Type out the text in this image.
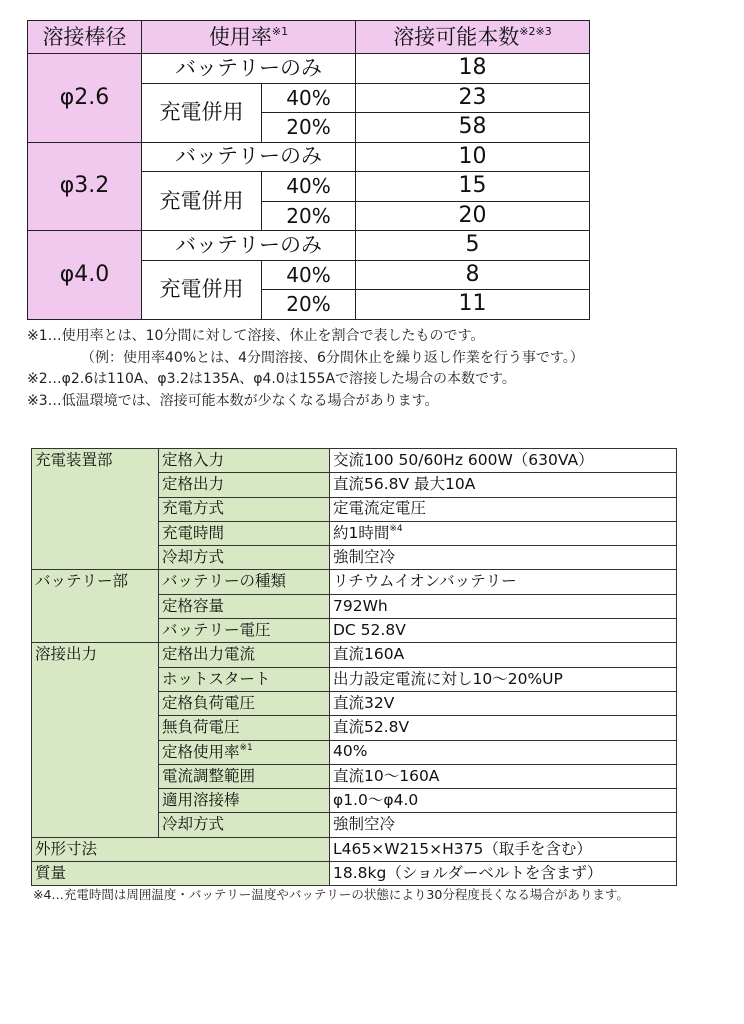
溶接棒径	使用率$^{※1}$		溶接可能本数$^{※2※3}$
φ2.6	バッテリーのみ		18
	充電併用	40%	23
		20%	58
φ3.2	バッテリーのみ		10
	充電併用	40%	15
		20%	20
φ4.0	バッテリーのみ		5
	充電併用	40%	8
		20%	11
※1…使用率とは、10分間に対して溶接、休止を割合で表したものです。
（例：使用率40%とは、4分間溶接、6分間休止を繰り返し作業を行う事です。）
※2…φ2.6は110A、φ3.2は135A、φ4.0は155Aで溶接した場合の本数です。
※3…低温環境では、溶接可能本数が少なくなる場合があります。
充電装置部	定格入力	交流100 50/60Hz 600W（630VA）
	定格出力	直流56.8V 最大10A
	充電方式	定電流定電圧
	充電時間	約1時間$^{※4}$
	冷却方式	強制空冷
バッテリー部	バッテリーの種類	リチウムイオンバッテリー
	定格容量	792Wh
	バッテリー電圧	DC 52.8V
溶接出力	定格出力電流	直流160A
	ホットスタート	出力設定電流に対し10～20%UP
	定格負荷電圧	直流32V
	無負荷電圧	直流52.8V
	定格使用率$^{※1}$	40%
	電流調整範囲	直流10～160A
	適用溶接棒	φ1.0～φ4.0
	冷却方式	強制空冷
外形寸法		L465×W215×H375（取手を含む）
質量		18.8kg（ショルダーベルトを含まず）
※4…充電時間は周囲温度・バッテリー温度やバッテリーの状態により30分程度長くなる場合があります。
